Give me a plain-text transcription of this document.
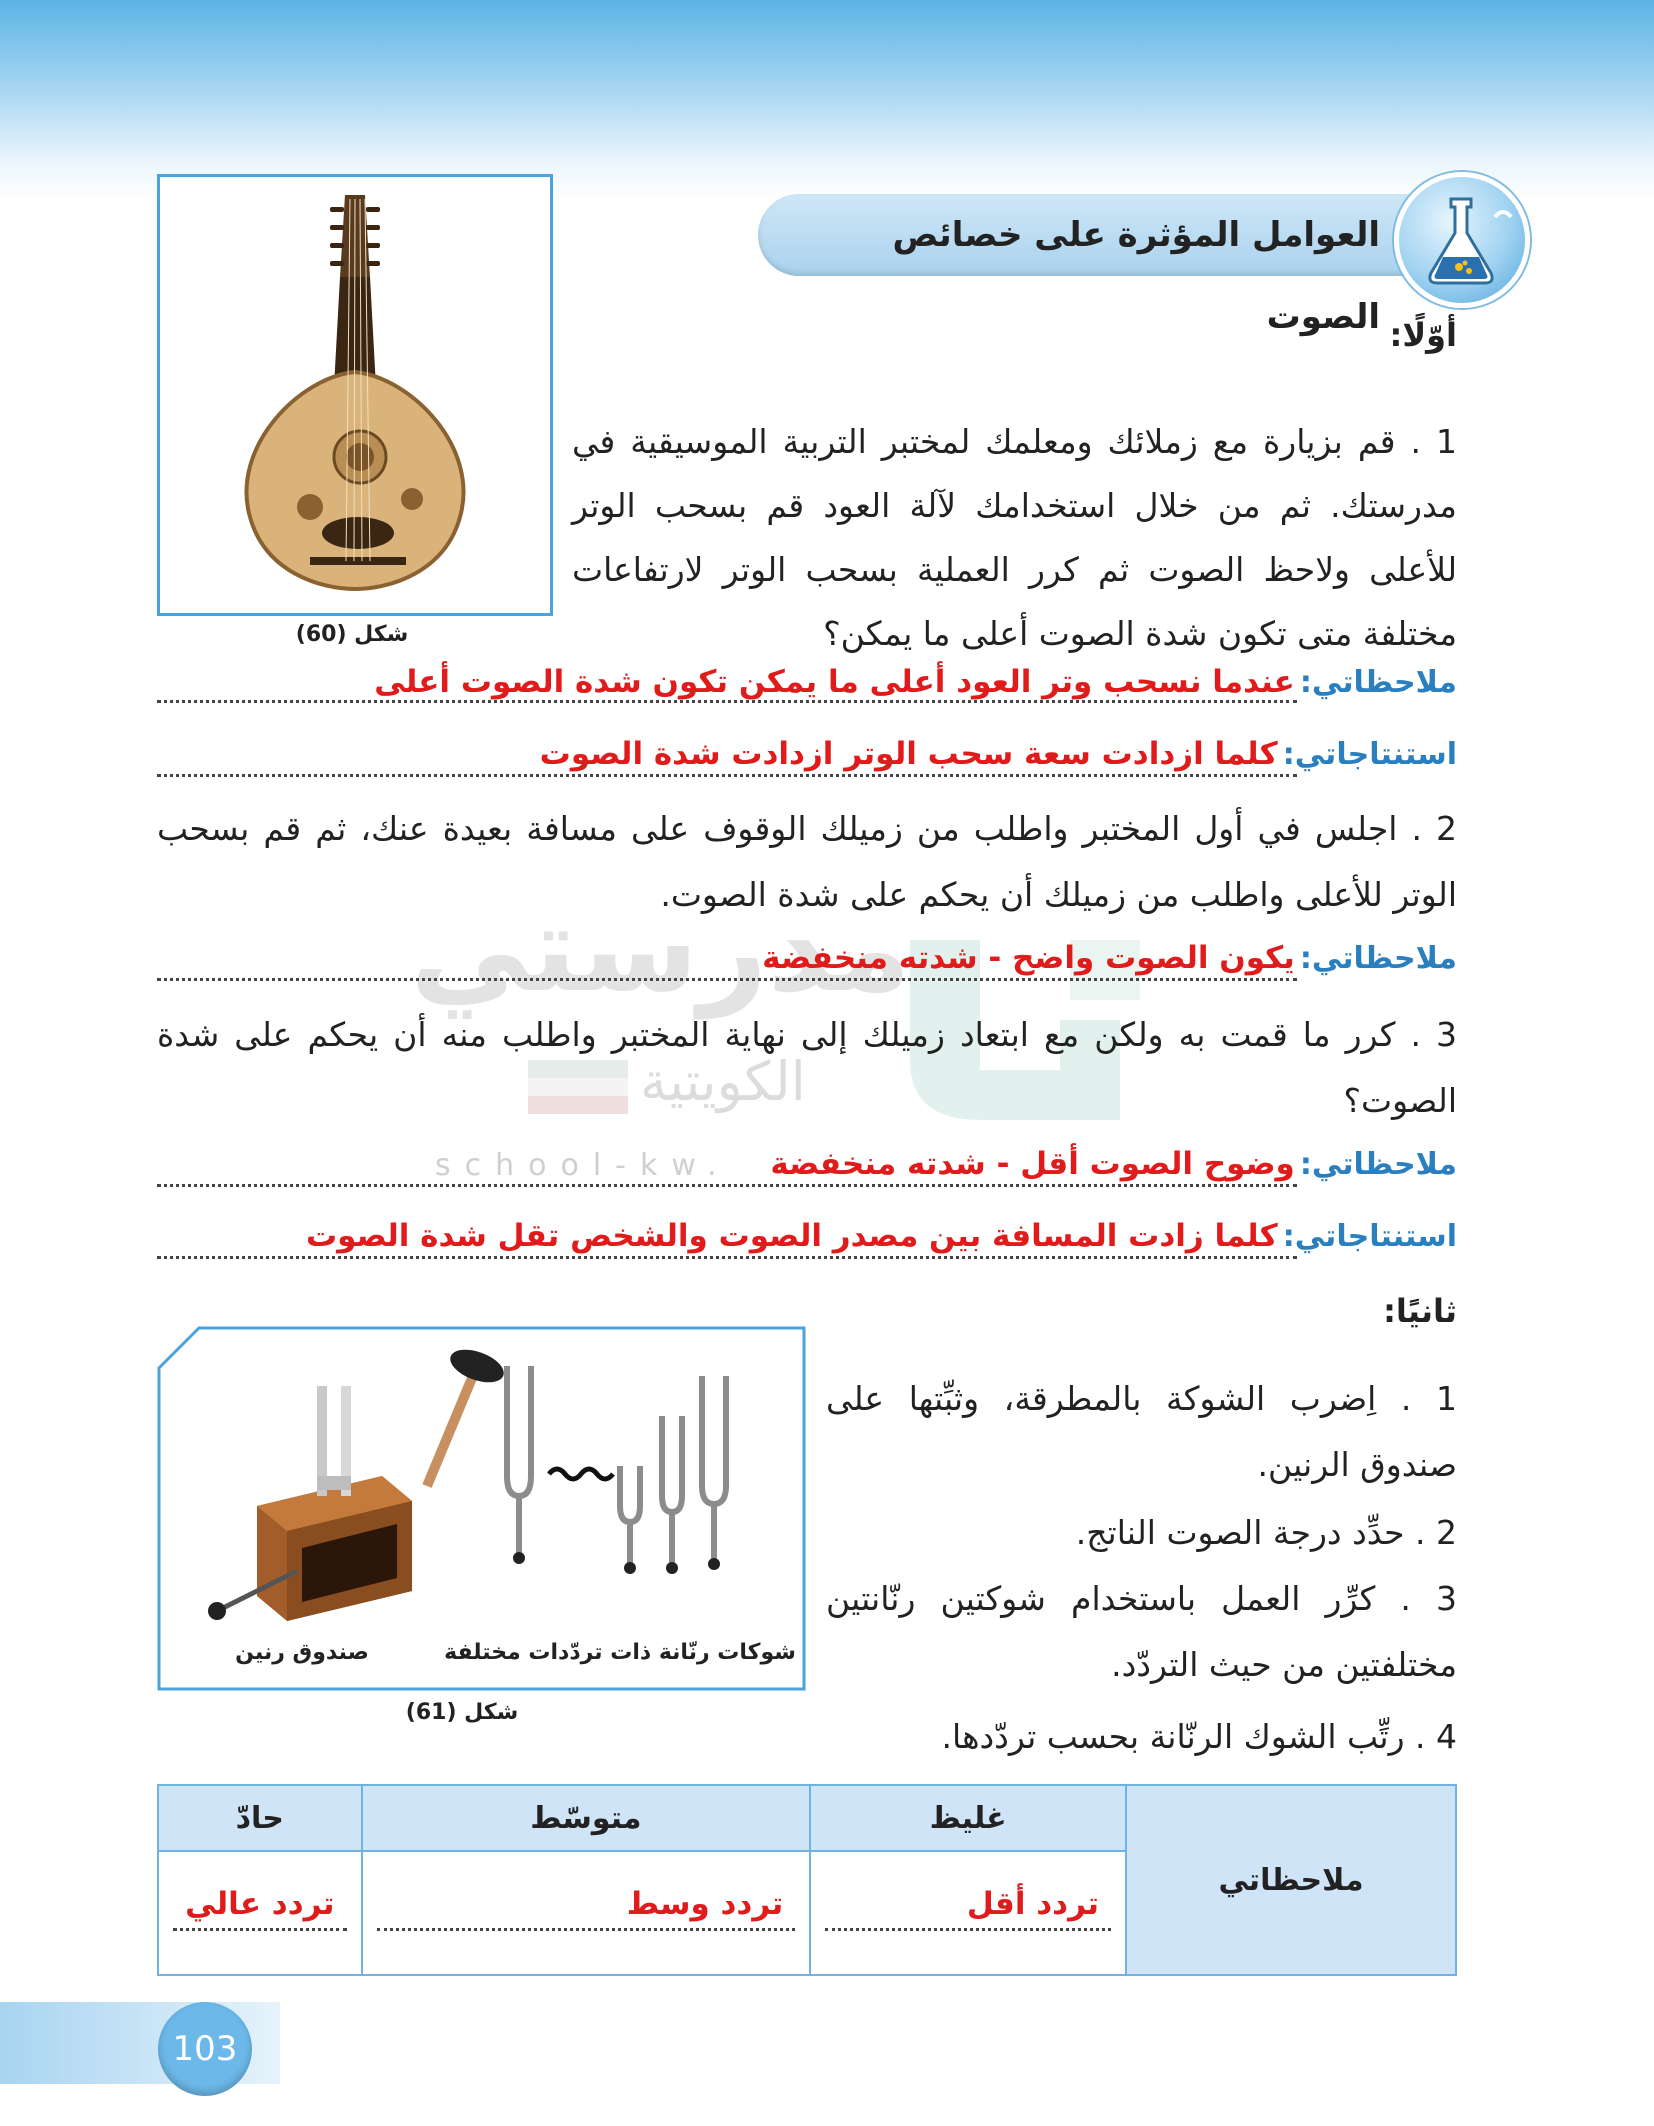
مدرستي
الكويتية
school-kw.
العوامل المؤثرة على خصائص الصوت
شكل (60)
أوّلًا:
1 . قم بزيارة مع زملائك ومعلمك لمختبر التربية الموسيقية في مدرستك. ثم من خلال استخدامك لآلة العود قم بسحب الوتر للأعلى ولاحظ الصوت ثم كرر العملية بسحب الوتر لارتفاعات مختلفة متى تكون شدة الصوت أعلى ما يمكن؟
ملاحظاتي: عندما نسحب وتر العود أعلى ما يمكن تكون شدة الصوت أعلى
استنتاجاتي: كلما ازدادت سعة سحب الوتر ازدادت شدة الصوت
2 . اجلس في أول المختبر واطلب من زميلك الوقوف على مسافة بعيدة عنك، ثم قم بسحب الوتر للأعلى واطلب من زميلك أن يحكم على شدة الصوت.
ملاحظاتي: يكون الصوت واضح - شدته منخفضة
3 . كرر ما قمت به ولكن مع ابتعاد زميلك إلى نهاية المختبر واطلب منه أن يحكم على شدة الصوت؟
ملاحظاتي: وضوح الصوت أقل - شدته منخفضة
استنتاجاتي: كلما زادت المسافة بين مصدر الصوت والشخص تقل شدة الصوت
ثانيًا:
1 . اِضرب الشوكة بالمطرقة، وثبِّتها على صندوق الرنين.
2 . حدِّد درجة الصوت الناتج.
3 . كرِّر العمل باستخدام شوكتين رنّانتين مختلفتين من حيث التردّد.
4 . رتِّب الشوك الرنّانة بحسب تردّدها.
صندوق رنين	شوكات رنّانة ذات تردّدات مختلفة
شكل (61)
ملاحظاتي	غليظ	متوسّط	حادّ

	تردد أقل	تردد وسط	تردد عالي
103
